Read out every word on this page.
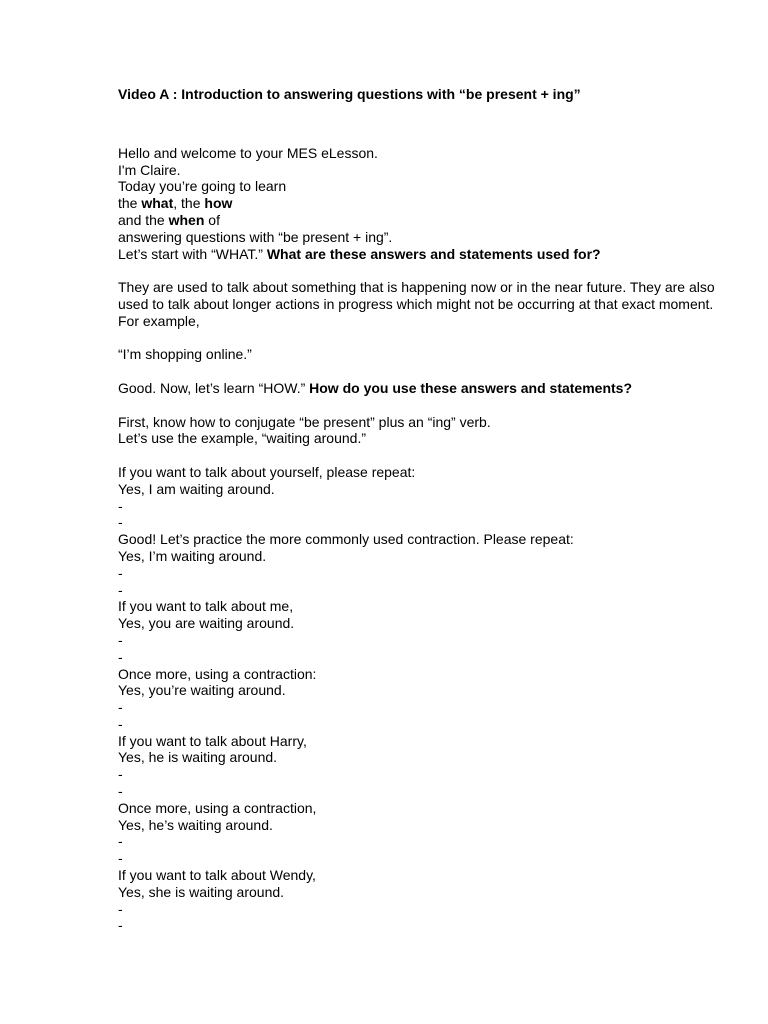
Video A : Introduction to answering questions with “be present + ing”

Hello and welcome to your MES eLesson.

I'm Claire.

Today you’re going to learn

the what, the how

and the when of

answering questions with “be present + ing”.

Let’s start with “WHAT.” What are these answers and statements used for?

They are used to talk about something that is happening now or in the near future. They are also used to talk about longer actions in progress which might not be occurring at that exact moment. For example,

“I’m shopping online.”

Good. Now, let’s learn “HOW.” How do you use these answers and statements?

First, know how to conjugate “be present” plus an “ing” verb.

Let’s use the example, “waiting around.”

If you want to talk about yourself, please repeat:

Yes, I am waiting around.

-

-

Good! Let’s practice the more commonly used contraction. Please repeat:

Yes, I’m waiting around.

-

-

If you want to talk about me,

Yes, you are waiting around.

-

-

Once more, using a contraction:

Yes, you’re waiting around.

-

-

If you want to talk about Harry,

Yes, he is waiting around.

-

-

Once more, using a contraction,

Yes, he’s waiting around.

-

-

If you want to talk about Wendy,

Yes, she is waiting around.

-

-
